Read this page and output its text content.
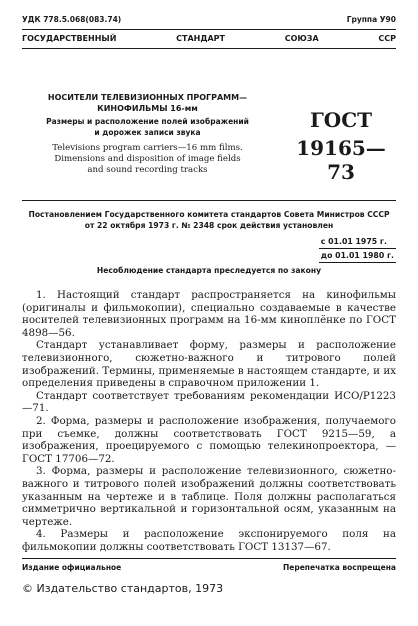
УДК 778.5.068(083.74)	Группа У90
ГОСУДАРСТВЕННЫЙ	СТАНДАРТ	СОЮЗА	ССР
НОСИТЕЛИ ТЕЛЕВИЗИОННЫХ ПРОГРАММ—
КИНОФИЛЬМЫ 16-мм
Размеры и расположение полей изображений
и дорожек записи звука
Televisions program carriers—16 mm films.
Dimensions and disposition of image fields
and sound recording tracks
ГОСТ
19165—73
Постановлением Государственного комитета стандартов Совета Министров СССР
от 22 октября 1973 г. № 2348 срок действия установлен
с 01.01 1975 г.
до 01.01 1980 г.
Несоблюдение стандарта преследуется по закону

1. Настоящий стандарт распространяется на кинофильмы (оригиналы и фильмокопии), специально создаваемые в качестве носителей телевизионных программ на 16-мм киноплёнке по ГОСТ 4898—56.

Стандарт устанавливает форму, размеры и расположение телевизионного, сюжетно-важного и титрового полей изображений. Термины, применяемые в настоящем стандарте, и их определения приведены в справочном приложении 1.

Стандарт соответствует требованиям рекомендации ИСО/Р1223—71.

2. Форма, размеры и расположение изображения, получаемого при съемке, должны соответствовать ГОСТ 9215—59, а изображения, проецируемого с помощью телекинопроектора, — ГОСТ 17706—72.

3. Форма, размеры и расположение телевизионного, сюжетно-важного и титрового полей изображений должны соответствовать указанным на чертеже и в таблице. Поля должны располагаться симметрично вертикальной и горизонтальной осям, указанным на чертеже.

4. Размеры и расположение экспонируемого поля на фильмокопии должны соответствовать ГОСТ 13137—67.

Издание официальное	Перепечатка воспрещена
© Издательство стандартов, 1973
